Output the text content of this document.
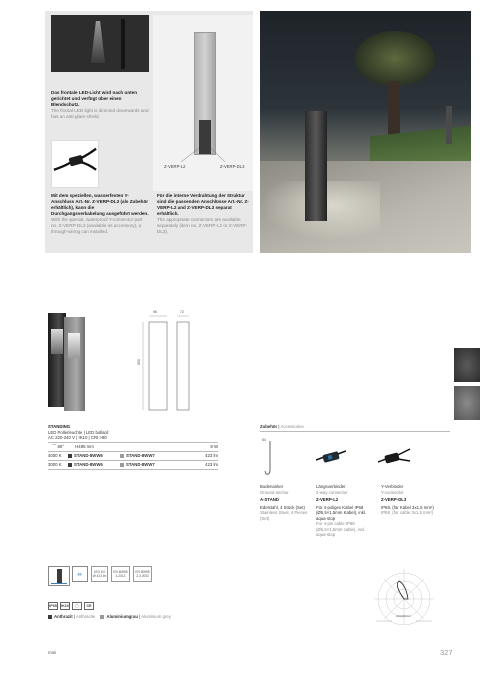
Das frontale LED-Licht wird nach unten gerichtet und verfügt über einen Blendschutz.
The frontal LED light is directed downwards and has an anti-glare shield.
Mit dem speziellen, wasserfesten Y-Anschluss Art.-Nr. Z-VERP-DL3 (als Zubehör erhältlich), kann die Durchgangsverkabelung ausgeführt werden.
With the special, waterproof Y-connector part no. Z-VERP-DL3 (available as accessory), a through-wiring can installed.
Z-VERP-L2	Z-VERP-DL3
Für die interne Verdrahtung der Struktur sind die passenden Anschlüsse Art.-Nr. Z-VERP-L2 and Z-VERP-DL3 separat erhältlich.
The appropriate connectors are available separately (item no. Z-VERP-L2 or Z-VERP-DL3).
96	72
850
STANDING
LED Pollerleuchte | LED bollard
AC 220-240 V | IK10 | CRI >80
⌒ 80°	H495 mm	8 W
4000 K	STAND-8WW6	STAND-8WW7	423 lm
3000 K	STAND-8WW6	STAND-8WW7	423 lm
Zubehör | Accessories
84
Bodenanker
Ground anchor
A-STAND
Edelstahl, 4 Stück (Set)
Stainless Steel, 4 Pieces (Set)
Längsverbinder
2-way connector
Z-VERP-L2
Für 4-poliges Kabel IP68 (Ø5,5×1,5mm Kabel), inkl. aqua-stop
For 4-pin cable IP68 (Ø5,5×1,5mm cable), incl. aqua-stop
Y-Verbinder
Y-connector
Z-VERP-DL3
IP68, (für Kabel 3x1,5 mm²)
IP68, (for cable 3x1,5 mm²)
⦵	LED 8,0 W 423 lm
EN 60598 1-2013
EN 60598 2-3 2003
IP65	IK10	▢	CE
Anthrazit | Anthracite	Aluminiumgrau | Aluminium grey	cd/1000 lm
mini	327
